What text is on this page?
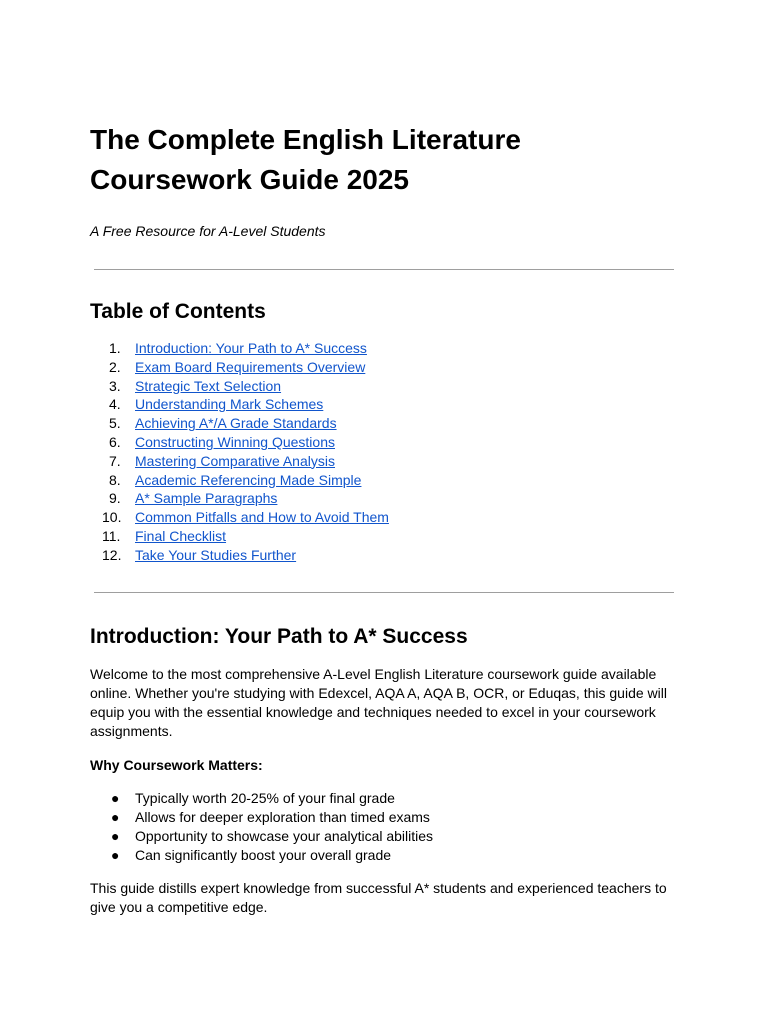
The Complete English Literature Coursework Guide 2025

A Free Resource for A-Level Students

Table of Contents
1.	Introduction: Your Path to A* Success
2.	Exam Board Requirements Overview
3.	Strategic Text Selection
4.	Understanding Mark Schemes
5.	Achieving A*/A Grade Standards
6.	Constructing Winning Questions
7.	Mastering Comparative Analysis
8.	Academic Referencing Made Simple
9.	A* Sample Paragraphs
10. Common Pitfalls and How to Avoid Them
11.	Final Checklist
12. Take Your Studies Further
Introduction: Your Path to A* Success

Welcome to the most comprehensive A-Level English Literature coursework guide available online. Whether you're studying with Edexcel, AQA A, AQA B, OCR, or Eduqas, this guide will equip you with the essential knowledge and techniques needed to excel in your coursework assignments.

Why Coursework Matters:

●	Typically worth 20-25% of your final grade
●	Allows for deeper exploration than timed exams
●	Opportunity to showcase your analytical abilities
●	Can significantly boost your overall grade

This guide distills expert knowledge from successful A* students and experienced teachers to give you a competitive edge.
